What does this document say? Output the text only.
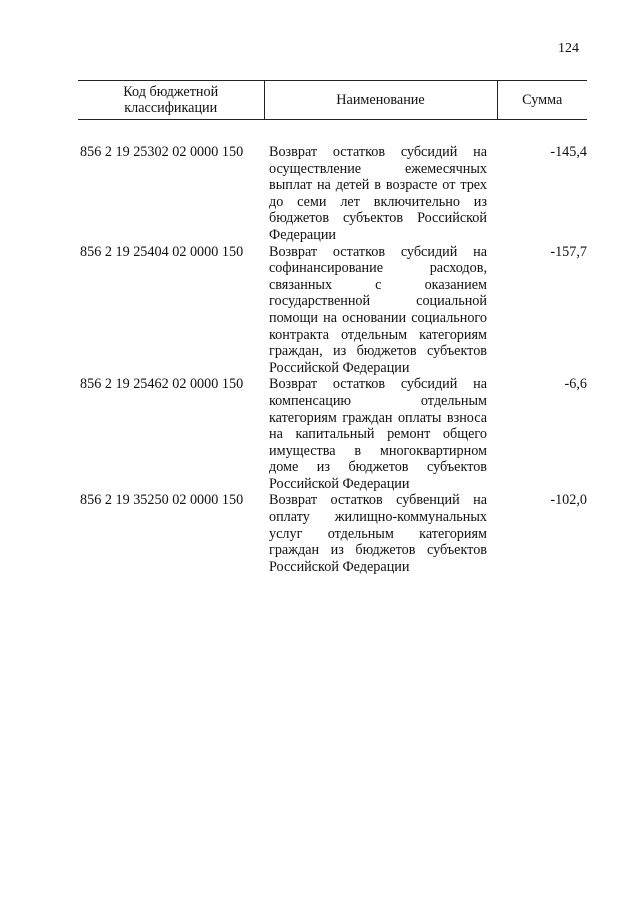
124
Код бюджетной классификации	Наименование	Сумма

856 2 19 25302 02 0000 150	Возврат остатков субсидий на осуществление ежемесячных выплат на детей в возрасте от трех до семи лет включительно из бюджетов субъектов Российской Федерации	-145,4
856 2 19 25404 02 0000 150	Возврат остатков субсидий на софинансирование расходов, связанных с оказанием государственной социальной помощи на основании социального контракта отдельным категориям граждан, из бюджетов субъектов Российской Федерации	-157,7
856 2 19 25462 02 0000 150	Возврат остатков субсидий на компенсацию отдельным категориям граждан оплаты взноса на капитальный ремонт общего имущества в многоквартирном доме из бюджетов субъектов Российской Федерации	-6,6
856 2 19 35250 02 0000 150	Возврат остатков субвенций на оплату жилищно-коммунальных услуг отдельным категориям граждан из бюджетов субъектов Российской Федерации	-102,0
